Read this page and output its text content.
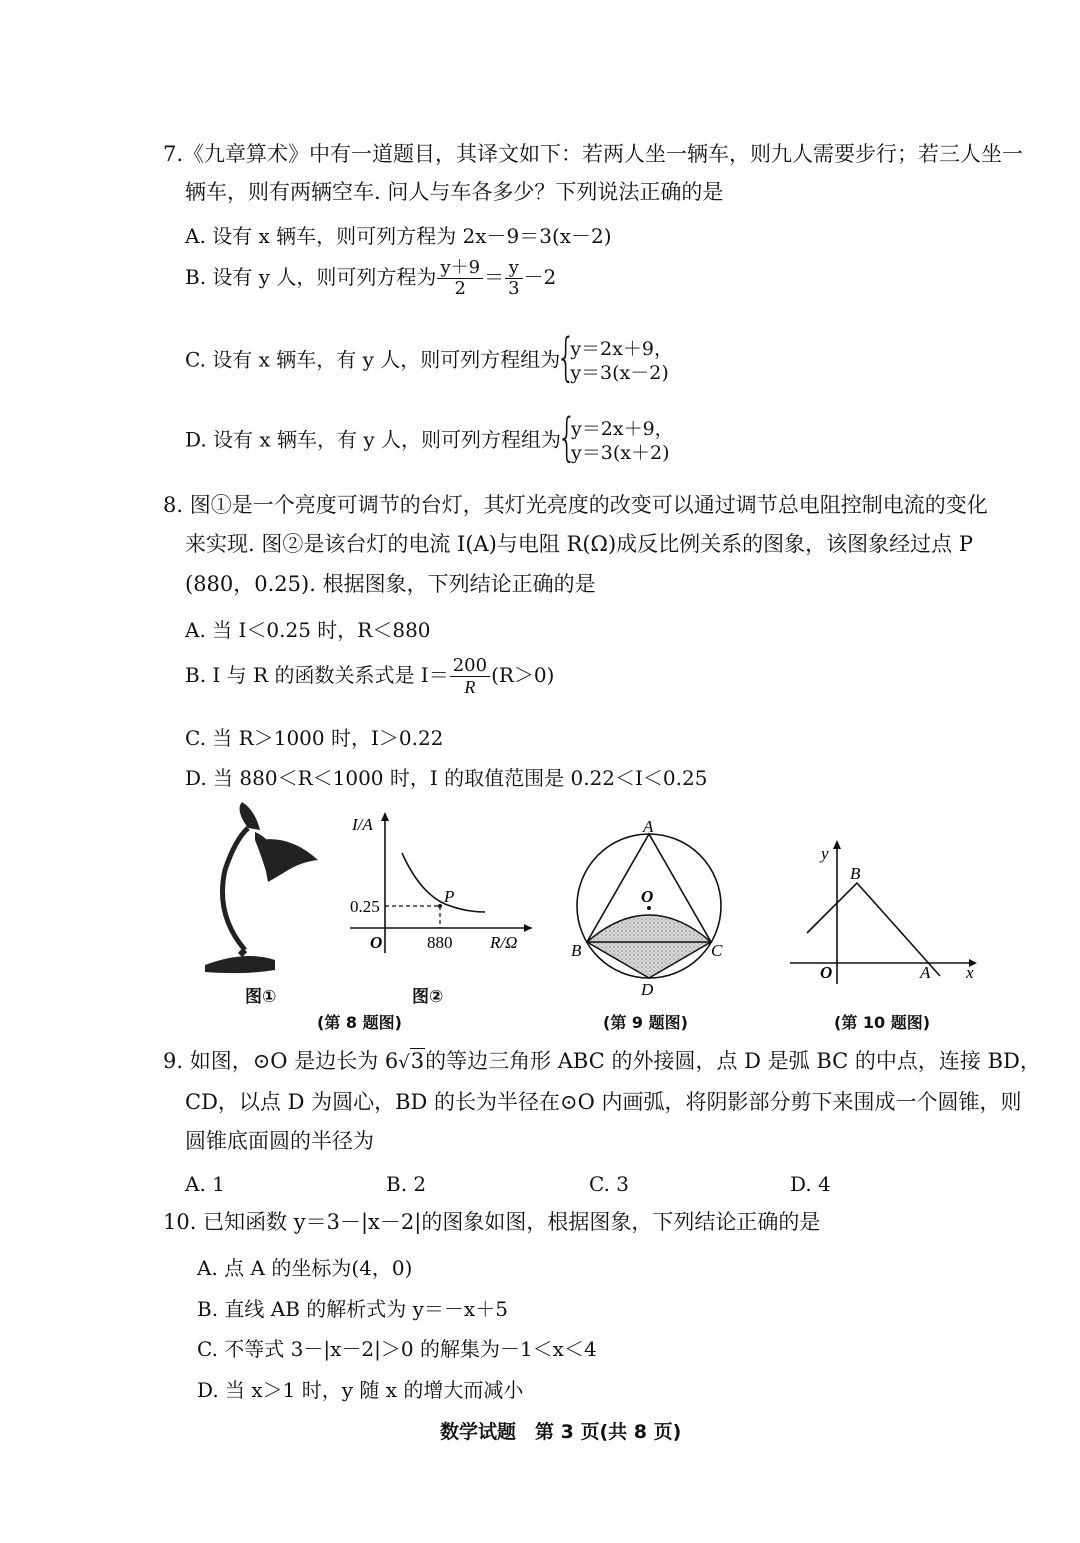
7.《九章算术》中有一道题目，其译文如下：若两人坐一辆车，则九人需要步行；若三人坐一
辆车，则有两辆空车. 问人与车各多少？下列说法正确的是
A. 设有 x 辆车，则可列方程为 2x－9＝3(x－2)
B. 设有 y 人，则可列方程为 $\frac{y+9}{2} = \frac{y}{3} -2$
C. 设有 x 辆车，有 y 人，则可列方程组为
{
y＝2x＋9，
y＝3(x－2)
D. 设有 x 辆车，有 y 人，则可列方程组为
{
y＝2x＋9，
y＝3(x＋2)
8. 图①是一个亮度可调节的台灯，其灯光亮度的改变可以通过调节总电阻控制电流的变化
来实现. 图②是该台灯的电流 I(A)与电阻 R(Ω)成反比例关系的图象，该图象经过点 P
(880，0.25). 根据图象，下列结论正确的是
A. 当 I＜0.25 时，R＜880
B. I 与 R 的函数关系式是 $I= \frac{200}{R} (R>0)$
C. 当 R＞1000 时，I＞0.22
D. 当 880＜R＜1000 时，I 的取值范围是 0.22＜I＜0.25
图①
I/A
R/Ω
O
0.25
880
P
图②
(第 8 题图)
A
O
B	C
D
(第 9 题图)
y
x
O	A
B
(第 10 题图)
9. 如图，⊙O 是边长为 6√3的等边三角形 ABC 的外接圆，点 D 是弧 BC 的中点，连接 BD，
CD，以点 D 为圆心，BD 的长为半径在⊙O 内画弧，将阴影部分剪下来围成一个圆锥，则
圆锥底面圆的半径为
A. 1	B. 2	C. 3	D. 4
10. 已知函数 y＝3－|x－2|的图象如图，根据图象，下列结论正确的是
A. 点 A 的坐标为(4，0)
B. 直线 AB 的解析式为 y＝－x＋5
C. 不等式 3－|x－2|＞0 的解集为－1＜x＜4
D. 当 x＞1 时，y 随 x 的增大而减小
数学试题　第 3 页(共 8 页)
